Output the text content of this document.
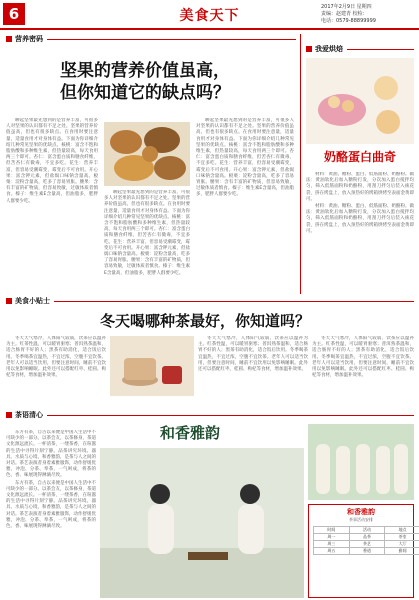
6	美食天下
2017年2月9日 星期四
责编：赵建青 校检：
电话：0579-88899999
营养密码
坚果的营养价值虽高，
但你知道它的缺点吗？

聊起坚果最先想到的是营养丰富，可很多人对坚果的认识都有不足之处。坚果的营养价值虽高，但也有很多缺点。在食用时要注意量，适量食用才对身体有益。下面为你详细介绍几种常见坚果的优缺点。核桃：富含不饱和脂肪酸和多种维生素，但热量较高，每天食用两三个即可。杏仁：富含蛋白质和膳食纤维，但苦杏仁有微毒，不宜多吃。花生：营养丰富，但容易受潮霉变，霉变后不可食用。开心果：富含钾元素，但盐焗口味钠含量高。板栗：淀粉含量高，吃多了容易胃胀。腰果：含有丰富的矿物质，但容易致敏，过敏体质者慎食。榛子：维生素E含量高，但油脂多，肥胖人群要少吃。

聊起坚果最先想到的是营养丰富，可很多人对坚果的认识都有不足之处。坚果的营养价值虽高，但也有很多缺点。在食用时要注意量，适量食用才对身体有益。下面为你详细介绍几种常见坚果的优缺点。核桃：富含不饱和脂肪酸和多种维生素，但热量较高，每天食用两三个即可。杏仁：富含蛋白质和膳食纤维，但苦杏仁有微毒，不宜多吃。花生：营养丰富，但容易受潮霉变，霉变后不可食用。开心果：富含钾元素，但盐焗口味钠含量高。板栗：淀粉含量高，吃多了容易胃胀。腰果：含有丰富的矿物质，但容易致敏，过敏体质者慎食。榛子：维生素E含量高，但油脂多，肥胖人群要少吃。

聊起坚果最先想到的是营养丰富，可很多人对坚果的认识都有不足之处。坚果的营养价值虽高，但也有很多缺点。在食用时要注意量，适量食用才对身体有益。下面为你详细介绍几种常见坚果的优缺点。核桃：富含不饱和脂肪酸和多种维生素，但热量较高，每天食用两三个即可。杏仁：富含蛋白质和膳食纤维，但苦杏仁有微毒，不宜多吃。花生：营养丰富，但容易受潮霉变，霉变后不可食用。开心果：富含钾元素，但盐焗口味钠含量高。板栗：淀粉含量高，吃多了容易胃胀。腰果：含有丰富的矿物质，但容易致敏，过敏体质者慎食。榛子：维生素E含量高，但油脂多，肥胖人群要少吃。

我爱烘焙
奶酪蛋白曲奇

材料：黄油、糖粉、蛋白、低筋面粉、奶酪粉。做法：黄油软化后加入糖粉打发，分次加入蛋白搅拌均匀，筛入低筋面粉和奶酪粉，用刮刀拌匀后装入裱花袋，挤在烤盘上，放入预热好的烤箱烘烤至表面金黄即可。

材料：黄油、糖粉、蛋白、低筋面粉、奶酪粉。做法：黄油软化后加入糖粉打发，分次加入蛋白搅拌均匀，筛入低筋面粉和奶酪粉，用刮刀拌匀后装入裱花袋，挤在烤盘上，放入预热好的烤箱烘烤至表面金黄即可。

美食小贴士
冬天喝哪种茶最好，你知道吗？

冬天天气寒冷，人体阳气较弱，饮茶应以温补为主。红茶性温，可以暖胃驱寒；普洱熟茶温和，适合肠胃不好的人；黑茶有助消化，适合饭后饮用。冬季喝茶宜温热，不宜过浓，空腹不宜饮茶。老年人可以适当饮用，但要注意时间，睡前不宜饮用以免影响睡眠。此外还可以搭配红枣、桂圆、枸杞等食材，增加温补效果。

冬天天气寒冷，人体阳气较弱，饮茶应以温补为主。红茶性温，可以暖胃驱寒；普洱熟茶温和，适合肠胃不好的人；黑茶有助消化，适合饭后饮用。冬季喝茶宜温热，不宜过浓，空腹不宜饮茶。老年人可以适当饮用，但要注意时间，睡前不宜饮用以免影响睡眠。此外还可以搭配红枣、桂圆、枸杞等食材，增加温补效果。

冬天天气寒冷，人体阳气较弱，饮茶应以温补为主。红茶性温，可以暖胃驱寒；普洱熟茶温和，适合肠胃不好的人；黑茶有助消化，适合饭后饮用。冬季喝茶宜温热，不宜过浓，空腹不宜饮茶。老年人可以适当饮用，但要注意时间，睡前不宜饮用以免影响睡眠。此外还可以搭配红枣、桂圆、枸杞等食材，增加温补效果。

茶语清心
和香雅韵

东方有茶，自古以来便是中国人生活中不可缺少的一部分。以茶会友，以茶修身，茶道文化源远流长。一杯清茶，一缕茶香，在喧嚣的生活中寻得片刻宁静。品茶讲究环境、器具、水质与心境，和香雅韵，是茶与人之间的对话。茶艺表演者身着素雅服饰，动作舒缓优雅，冲泡、分茶、奉茶，一气呵成，将茶的色、香、味展现得淋漓尽致。

东方有茶，自古以来便是中国人生活中不可缺少的一部分。以茶会友，以茶修身，茶道文化源远流长。一杯清茶，一缕茶香，在喧嚣的生活中寻得片刻宁静。品茶讲究环境、器具、水质与心境，和香雅韵，是茶与人之间的对话。茶艺表演者身着素雅服饰，动作舒缓优雅，冲泡、分茶、奉茶，一气呵成，将茶的色、香、味展现得淋漓尽致。

和香雅韵
茶事活动安排
时间	活动	地点
周一	品茶	茶室
周三	茶艺	大厅
周五	香道	雅间
